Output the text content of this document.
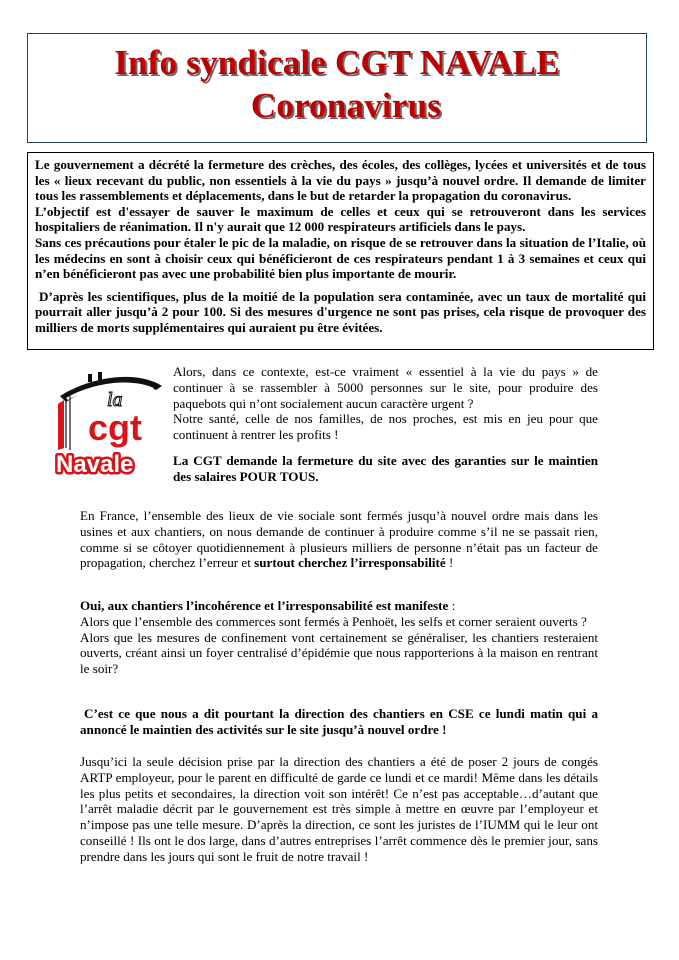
Info syndicale CGT NAVALE
Coronavirus

Le gouvernement a décrété la fermeture des crèches, des écoles, des collèges, lycées et universités et de tous les « lieux recevant du public, non essentiels à la vie du pays » jusqu’à nouvel ordre. Il demande de limiter tous les rassemblements et déplacements, dans le but de retarder la propagation du coronavirus.

L’objectif est d'essayer de sauver le maximum de celles et ceux qui se retrouveront dans les services hospitaliers de réanimation. Il n'y aurait que 12 000 respirateurs artificiels dans le pays.

Sans ces précautions pour étaler le pic de la maladie, on risque de se retrouver dans la situation de l’Italie, où les médecins en sont à choisir ceux qui bénéficieront de ces respirateurs pendant 1 à 3 semaines et ceux qui n’en bénéficieront pas avec une probabilité bien plus importante de mourir.

D’après les scientifiques, plus de la moitié de la population sera contaminée, avec un taux de mortalité qui pourrait aller jusqu’à 2 pour 100. Si des mesures d'urgence ne sont pas prises, cela risque de provoquer des milliers de morts supplémentaires qui auraient pu être évitées.

la
cgt
Navale

Alors, dans ce contexte, est-ce vraiment « essentiel à la vie du pays » de continuer à se rassembler à 5000 personnes sur le site, pour produire des paquebots qui n’ont socialement aucun caractère urgent ?

Notre santé, celle de nos familles, de nos proches, est mis en jeu pour que continuent à rentrer les profits !

La CGT demande la fermeture du site avec des garanties sur le maintien des salaires POUR TOUS.

En France, l’ensemble des lieux de vie sociale sont fermés jusqu’à nouvel ordre mais dans les usines et aux chantiers, on nous demande de continuer à produire comme s’il ne se passait rien, comme si se côtoyer quotidiennement à plusieurs milliers de personne n’était pas un facteur de propagation, cherchez l’erreur et surtout cherchez l’irresponsabilité !

Oui, aux chantiers l’incohérence et l’irresponsabilité est manifeste :

Alors que l’ensemble des commerces sont fermés à Penhoët, les selfs et corner seraient ouverts ?

Alors que les mesures de confinement vont certainement se généraliser, les chantiers resteraient ouverts, créant ainsi un foyer centralisé d’épidémie que nous rapporterions à la maison en rentrant le soir?

C’est ce que nous a dit pourtant la direction des chantiers en CSE ce lundi matin qui a annoncé le maintien des activités sur le site jusqu’à nouvel ordre !

Jusqu’ici la seule décision prise par la direction des chantiers a été de poser 2 jours de congés ARTP employeur, pour le parent en difficulté de garde ce lundi et ce mardi! Même dans les détails les plus petits et secondaires, la direction voit son intérêt! Ce n’est pas acceptable…d’autant que l’arrêt maladie décrit par le gouvernement est très simple à mettre en œuvre par l’employeur et n’impose pas une telle mesure. D’après la direction, ce sont les juristes de l’IUMM qui le leur ont conseillé ! Ils ont le dos large, dans d’autres entreprises l’arrêt commence dès le premier jour, sans prendre dans les jours qui sont le fruit de notre travail !
